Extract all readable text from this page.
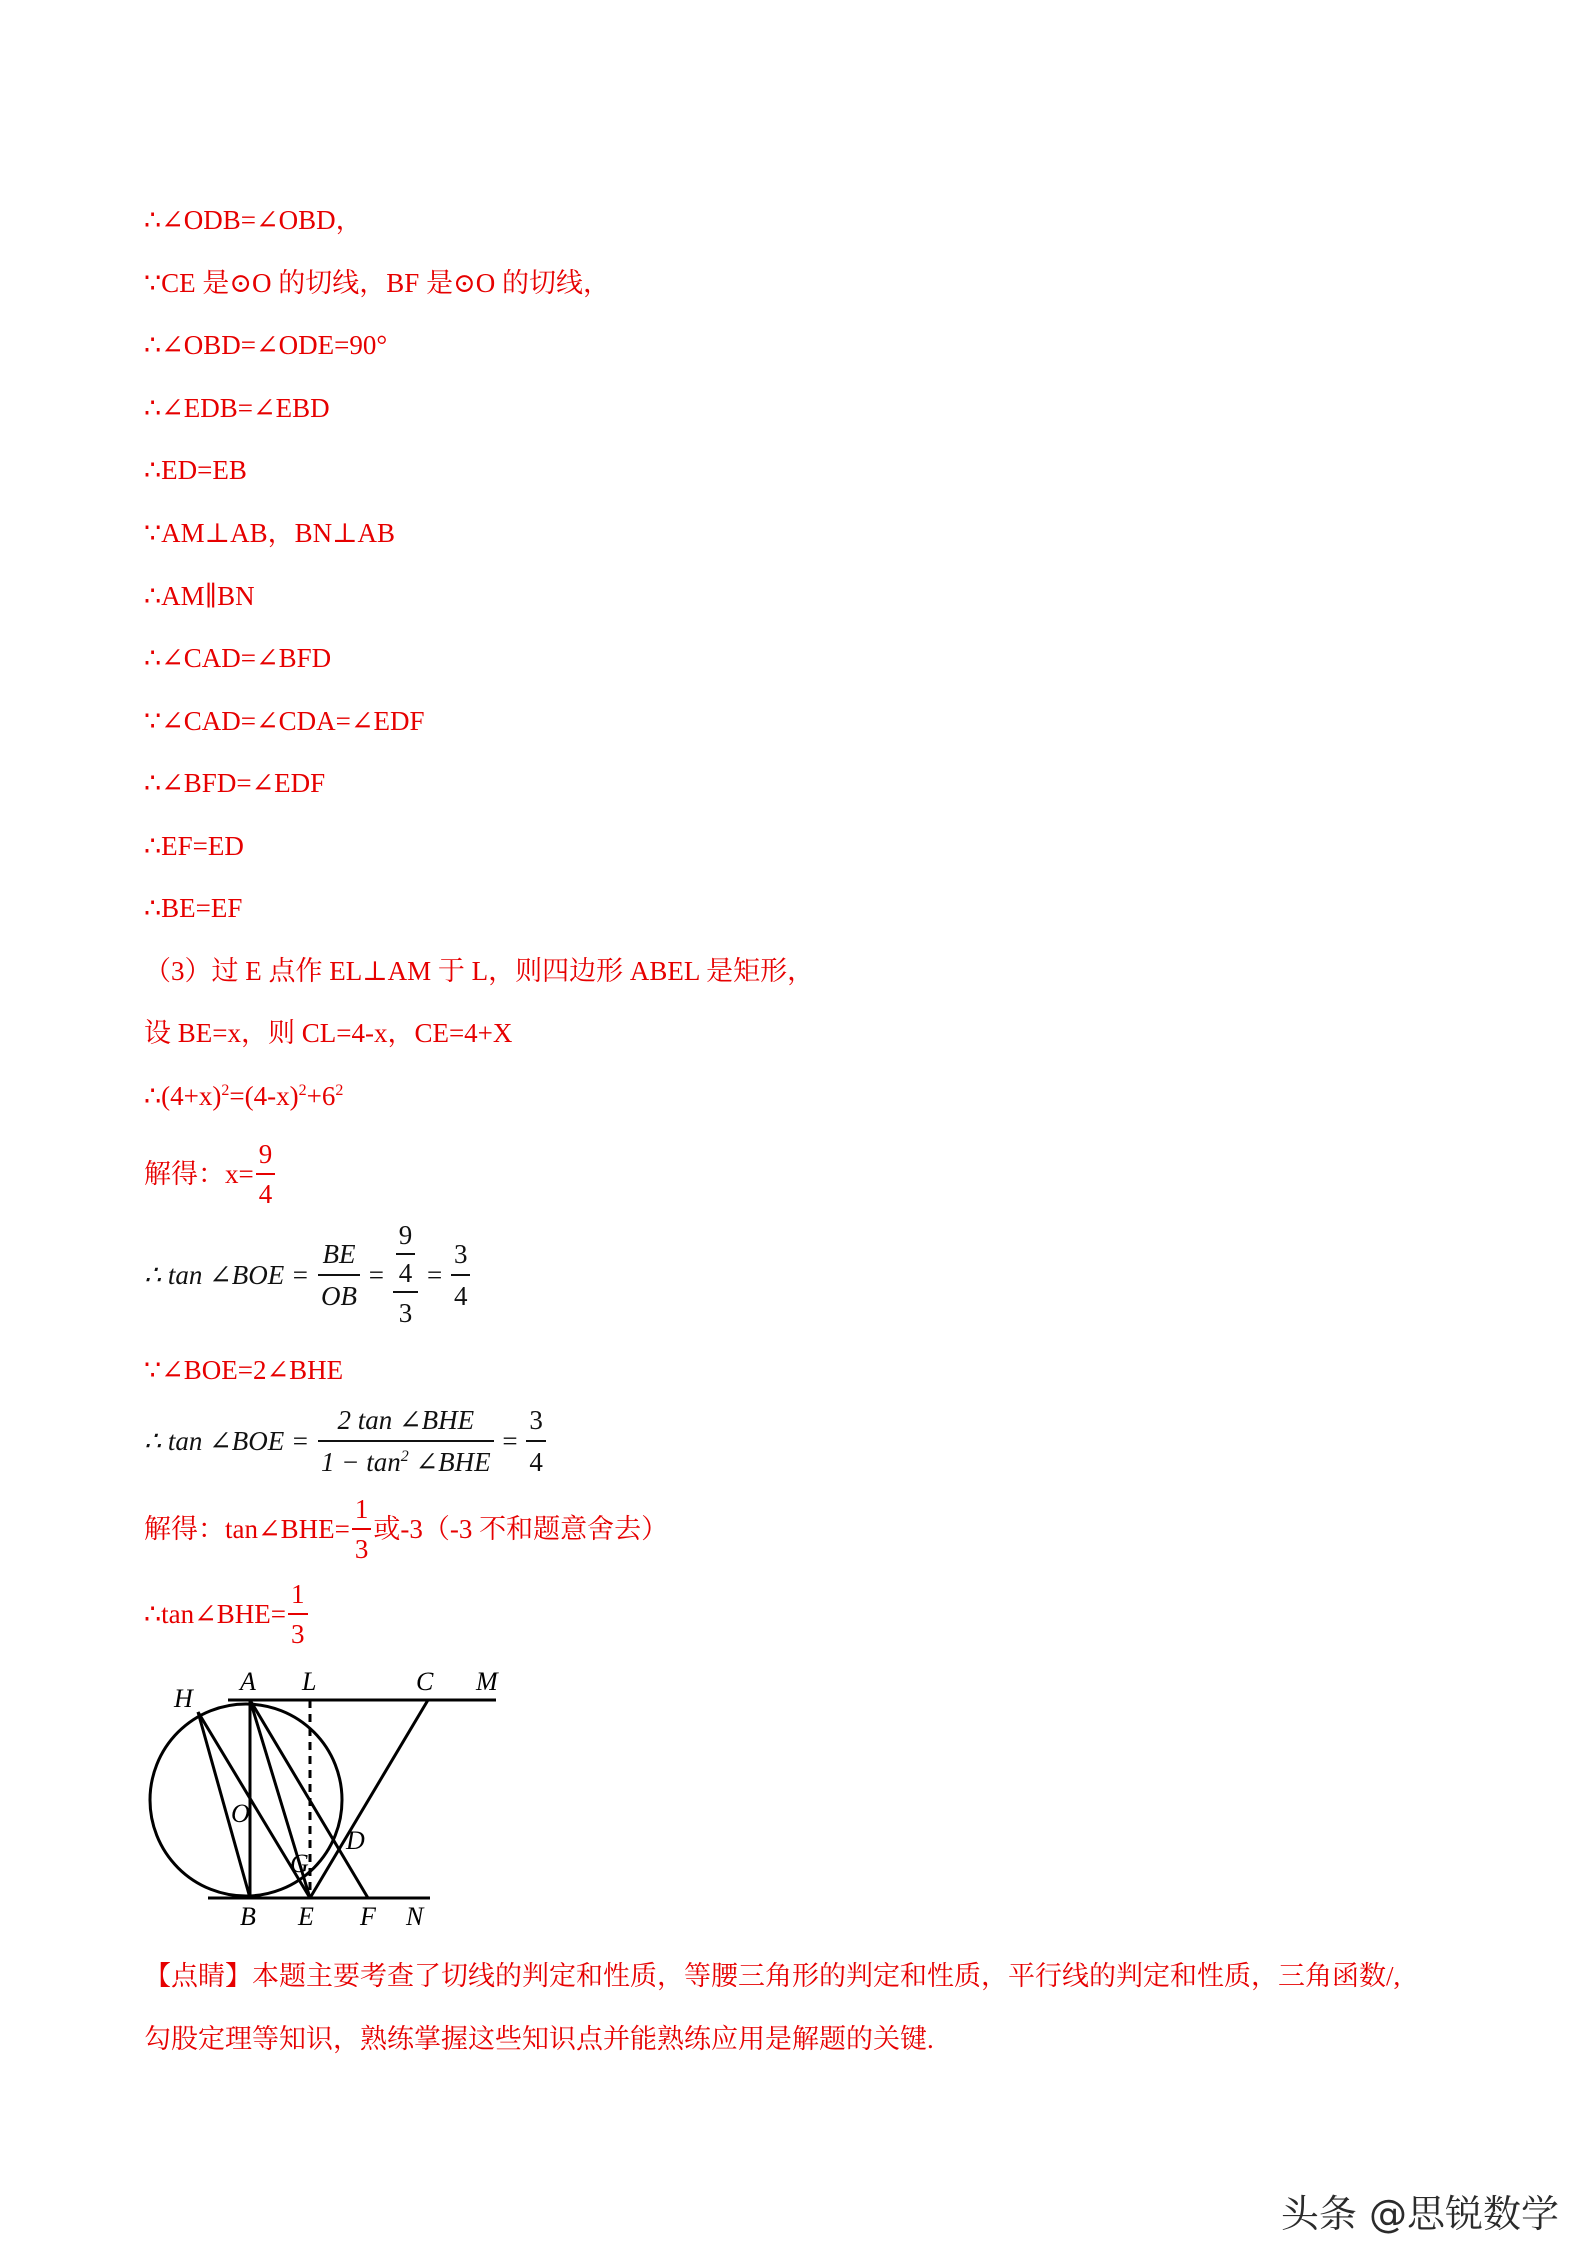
∴∠ODB=∠OBD，
∵CE 是⊙O 的切线，BF 是⊙O 的切线，
∴∠OBD=∠ODE=90°
∴∠EDB=∠EBD
∴ED=EB
∵AM⊥AB，BN⊥AB
∴AM∥BN
∴∠CAD=∠BFD
∵∠CAD=∠CDA=∠EDF
∴∠BFD=∠EDF
∴EF=ED
∴BE=EF
（3）过 E 点作 EL⊥AM 于 L，则四边形 ABEL 是矩形，
设 BE=x，则 CL=4-x，CE=4+X
$\therefore(4+x)^2=(4-x)^2+6^2$
解得：$x= \frac{9}{4}$
∴ tan ∠BOE = $\frac{BE}{OB} = \frac{\frac{9}{4}}{3} = \frac{3}{4}$
∵∠BOE=2∠BHE
∴ tan ∠BOE = $\frac{\text{2 tan ∠BHE}}{1 - \tan^2 \angle BHE} = \frac{3}{4}$
解得：tan∠BHE= $\frac{1}{3}$ 或-3（-3 不和题意舍去）
∴tan∠BHE= $\frac{1}{3}$
H
A L	C M
O
D
G
B E F N
【点睛】本题主要考查了切线的判定和性质，等腰三角形的判定和性质，平行线的判定和性质，三角函数/,
勾股定理等知识，熟练掌握这些知识点并能熟练应用是解题的关键.
头条 @思锐数学
